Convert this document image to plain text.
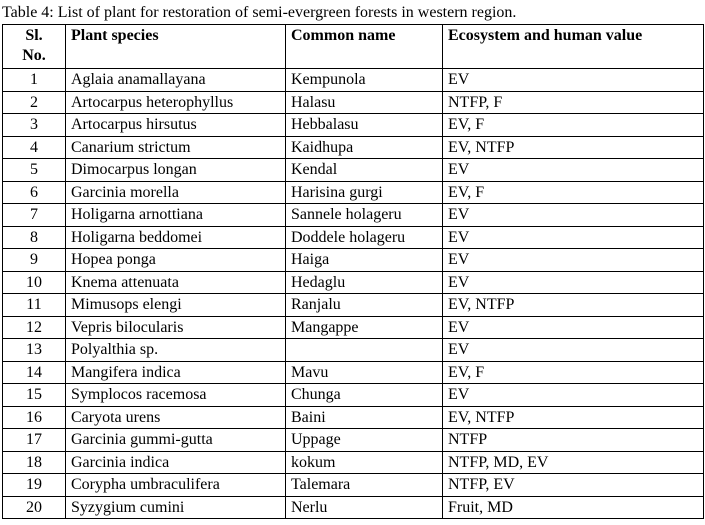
Table 4: List of plant for restoration of semi-evergreen forests in western region.
Sl.
No.	Plant species	Common name	Ecosystem and human value
1	Aglaia anamallayana	Kempunola	EV
2	Artocarpus heterophyllus	Halasu	NTFP, F
3	Artocarpus hirsutus	Hebbalasu	EV, F
4	Canarium strictum	Kaidhupa	EV, NTFP
5	Dimocarpus longan	Kendal	EV
6	Garcinia morella	Harisina gurgi	EV, F
7	Holigarna arnottiana	Sannele holageru	EV
8	Holigarna beddomei	Doddele holageru	EV
9	Hopea ponga	Haiga	EV
10	Knema attenuata	Hedaglu	EV
11	Mimusops elengi	Ranjalu	EV, NTFP
12	Vepris bilocularis	Mangappe	EV
13	Polyalthia sp.		EV
14	Mangifera indica	Mavu	EV, F
15	Symplocos racemosa	Chunga	EV
16	Caryota urens	Baini	EV, NTFP
17	Garcinia gummi-gutta	Uppage	NTFP
18	Garcinia indica	kokum	NTFP, MD, EV
19	Corypha umbraculifera	Talemara	NTFP, EV
20	Syzygium cumini	Nerlu	Fruit, MD
